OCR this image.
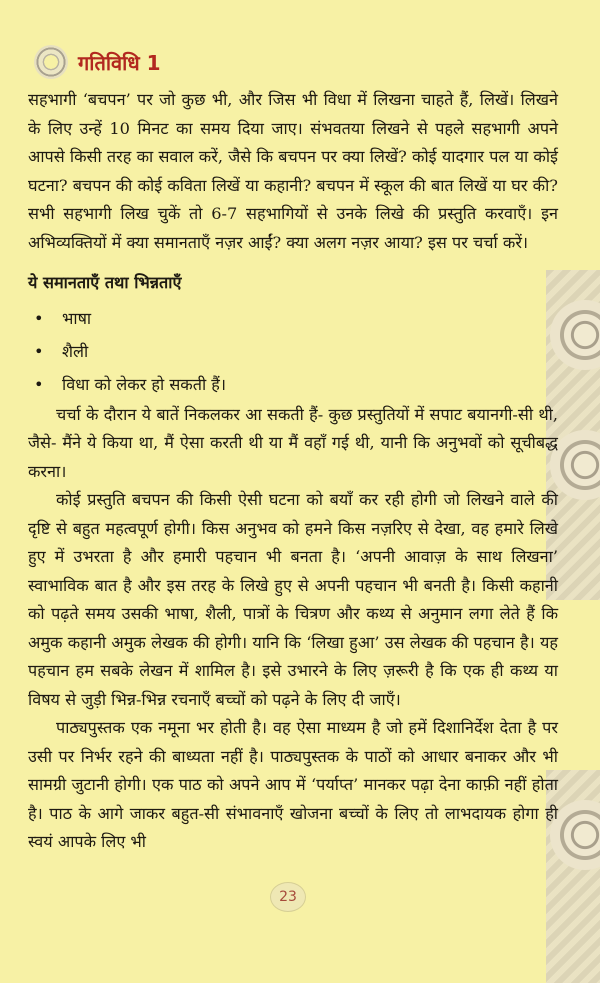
गतिविधि 1

सहभागी ‘बचपन’ पर जो कुछ भी, और जिस भी विधा में लिखना चाहते हैं, लिखें। लिखने के लिए उन्हें 10 मिनट का समय दिया जाए। संभवतया लिखने से पहले सहभागी अपने आपसे किसी तरह का सवाल करें, जैसे कि बचपन पर क्या लिखें? कोई यादगार पल या कोई घटना? बचपन की कोई कविता लिखें या कहानी? बचपन में स्कूल की बात लिखें या घर की? सभी सहभागी लिख चुकें तो 6-7 सहभागियों से उनके लिखे की प्रस्तुति करवाएँ। इन अभिव्यक्तियों में क्या समानताएँ नज़र आईं? क्या अलग नज़र आया? इस पर चर्चा करें।

ये समानताएँ तथा भिन्नताएँ

• भाषा
• शैली
• विधा को लेकर हो सकती हैं।

चर्चा के दौरान ये बातें निकलकर आ सकती हैं- कुछ प्रस्तुतियों में सपाट बयानगी-सी थी, जैसे- मैंने ये किया था, मैं ऐसा करती थी या मैं वहाँ गई थी, यानी कि अनुभवों को सूचीबद्ध करना।

कोई प्रस्तुति बचपन की किसी ऐसी घटना को बयाँ कर रही होगी जो लिखने वाले की दृष्टि से बहुत महत्वपूर्ण होगी। किस अनुभव को हमने किस नज़रिए से देखा, वह हमारे लिखे हुए में उभरता है और हमारी पहचान भी बनता है। ‘अपनी आवाज़ के साथ लिखना’ स्वाभाविक बात है और इस तरह के लिखे हुए से अपनी पहचान भी बनती है। किसी कहानी को पढ़ते समय उसकी भाषा, शैली, पात्रों के चित्रण और कथ्य से अनुमान लगा लेते हैं कि अमुक कहानी अमुक लेखक की होगी। यानि कि ‘लिखा हुआ’ उस लेखक की पहचान है। यह पहचान हम सबके लेखन में शामिल है। इसे उभारने के लिए ज़रूरी है कि एक ही कथ्य या विषय से जुड़ी भिन्न-भिन्न रचनाएँ बच्चों को पढ़ने के लिए दी जाएँ।

पाठ्यपुस्तक एक नमूना भर होती है। वह ऐसा माध्यम है जो हमें दिशानिर्देश देता है पर उसी पर निर्भर रहने की बाध्यता नहीं है। पाठ्यपुस्तक के पाठों को आधार बनाकर और भी सामग्री जुटानी होगी। एक पाठ को अपने आप में ‘पर्याप्त’ मानकर पढ़ा देना काफ़ी नहीं होता है। पाठ के आगे जाकर बहुत-सी संभावनाएँ खोजना बच्चों के लिए तो लाभदायक होगा ही स्वयं आपके लिए भी

23
